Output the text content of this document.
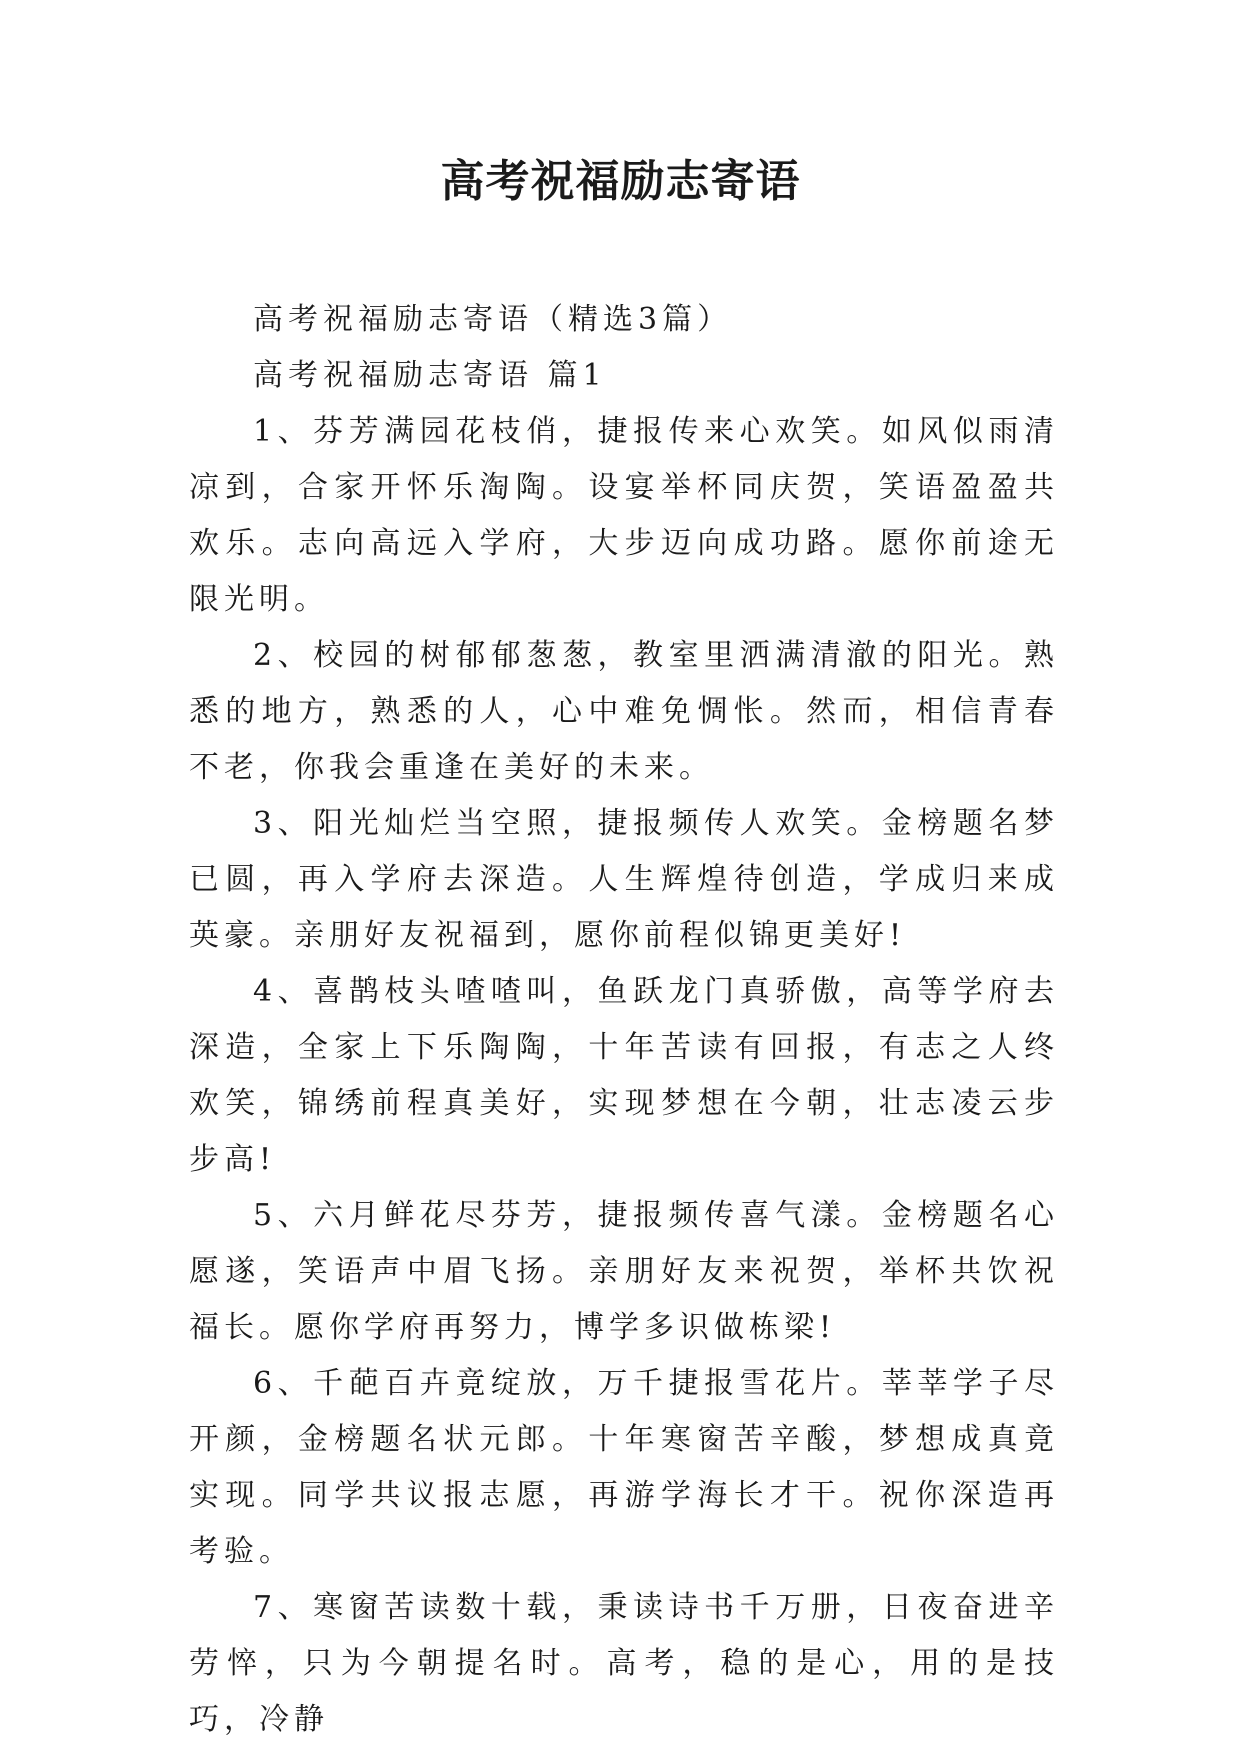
高考祝福励志寄语

高考祝福励志寄语（精选3篇）

高考祝福励志寄语 篇1

1、芬芳满园花枝俏，捷报传来心欢笑。如风似雨清凉到，合家开怀乐淘陶。设宴举杯同庆贺，笑语盈盈共欢乐。志向高远入学府，大步迈向成功路。愿你前途无限光明。

2、校园的树郁郁葱葱，教室里洒满清澈的阳光。熟悉的地方，熟悉的人，心中难免惆怅。然而，相信青春不老，你我会重逢在美好的未来。

3、阳光灿烂当空照，捷报频传人欢笑。金榜题名梦已圆，再入学府去深造。人生辉煌待创造，学成归来成英豪。亲朋好友祝福到，愿你前程似锦更美好!

4、喜鹊枝头喳喳叫，鱼跃龙门真骄傲，高等学府去深造，全家上下乐陶陶，十年苦读有回报，有志之人终欢笑，锦绣前程真美好，实现梦想在今朝，壮志凌云步步高!

5、六月鲜花尽芬芳，捷报频传喜气漾。金榜题名心愿遂，笑语声中眉飞扬。亲朋好友来祝贺，举杯共饮祝福长。愿你学府再努力，博学多识做栋梁!

6、千葩百卉竟绽放，万千捷报雪花片。莘莘学子尽开颜，金榜题名状元郎。十年寒窗苦辛酸，梦想成真竟实现。同学共议报志愿，再游学海长才干。祝你深造再考验。

7、寒窗苦读数十载，秉读诗书千万册，日夜奋进辛劳悴，只为今朝提名时。高考，稳的是心，用的是技巧，冷静
